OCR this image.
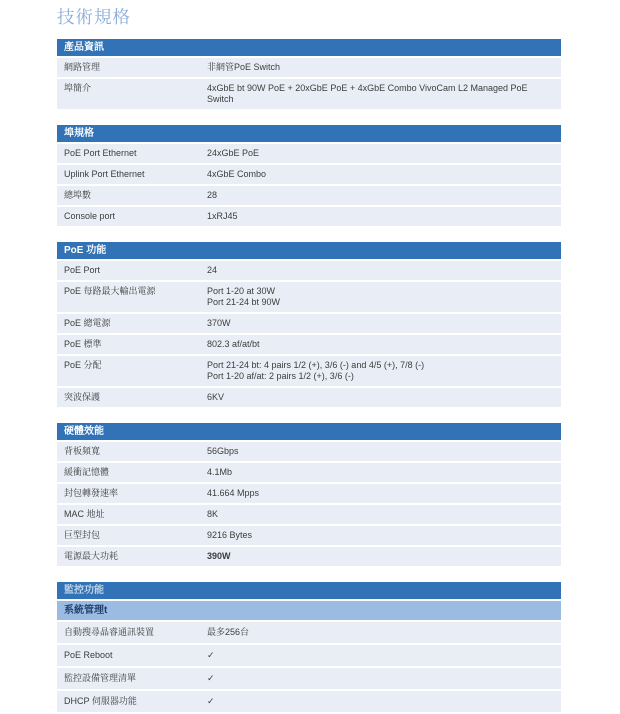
技術規格
產品資訊
網路管理	非網管PoE Switch
埠簡介	4xGbE bt 90W PoE + 20xGbE PoE + 4xGbE Combo VivoCam L2 Managed PoE Switch
埠規格
PoE Port Ethernet	24xGbE PoE
Uplink Port Ethernet	4xGbE Combo
總埠數	28
Console port	1xRJ45
PoE 功能
PoE Port	24
PoE 每路最大輸出電源	Port 1-20 at 30W
Port 21-24 bt 90W
PoE 總電源	370W
PoE 標準	802.3 af/at/bt
PoE 分配	Port 21-24 bt: 4 pairs 1/2 (+), 3/6 (-) and 4/5 (+), 7/8 (-)
Port 1-20 af/at: 2 pairs 1/2 (+), 3/6 (-)
突波保護	6KV
硬體效能
背板頻寬	56Gbps
緩衝記憶體	4.1Mb
封包轉發速率	41.664 Mpps
MAC 地址	8K
巨型封包	9216 Bytes
電源最大功耗	390W
監控功能
系統管理t
自動搜尋晶睿通訊裝置	最多256台
PoE Reboot	✓
監控設備管理清單	✓
DHCP 伺服器功能	✓
